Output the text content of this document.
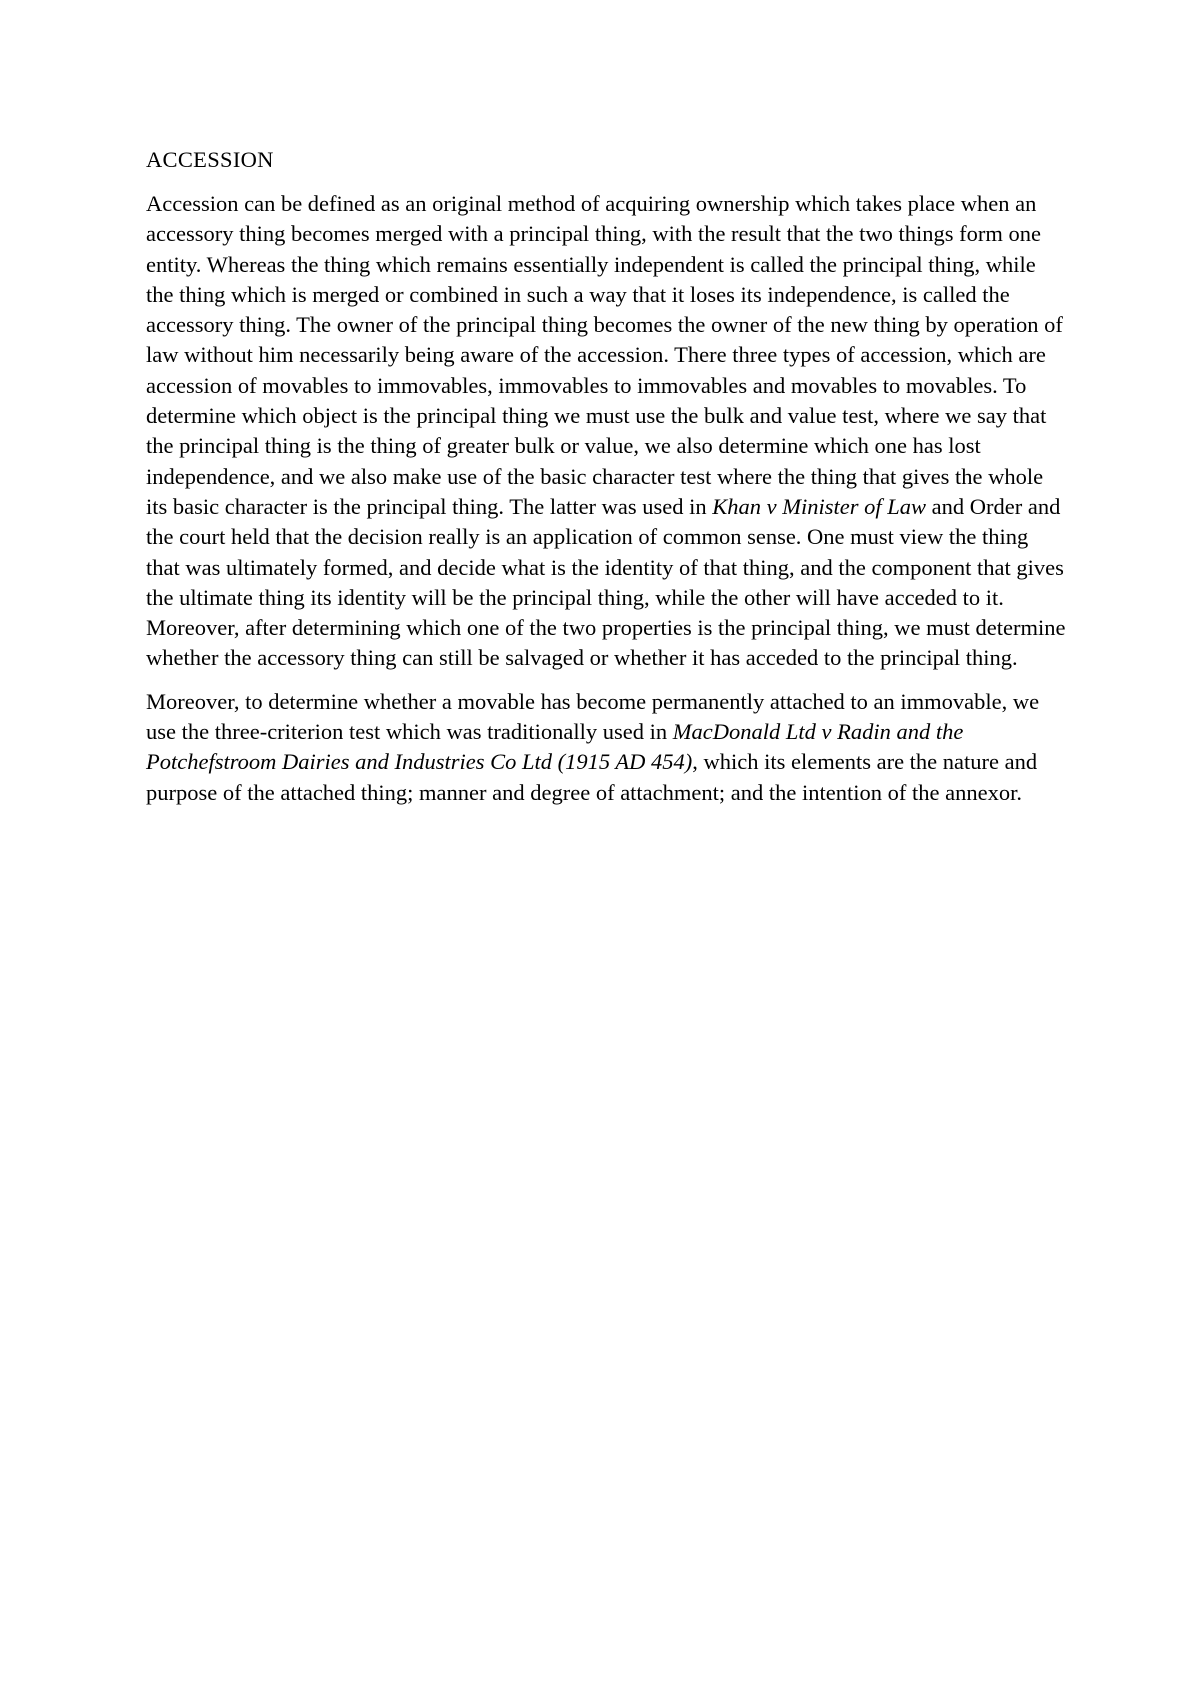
ACCESSION

Accession can be defined as an original method of acquiring ownership which takes place when an accessory thing becomes merged with a principal thing, with the result that the two things form one entity. Whereas the thing which remains essentially independent is called the principal thing, while the thing which is merged or combined in such a way that it loses its independence, is called the accessory thing. The owner of the principal thing becomes the owner of the new thing by operation of law without him necessarily being aware of the accession. There three types of accession, which are accession of movables to immovables, immovables to immovables and movables to movables. To determine which object is the principal thing we must use the bulk and value test, where we say that the principal thing is the thing of greater bulk or value, we also determine which one has lost independence, and we also make use of the basic character test where the thing that gives the whole its basic character is the principal thing. The latter was used in Khan v Minister of Law and Order and the court held that the decision really is an application of common sense. One must view the thing that was ultimately formed, and decide what is the identity of that thing, and the component that gives the ultimate thing its identity will be the principal thing, while the other will have acceded to it. Moreover, after determining which one of the two properties is the principal thing, we must determine whether the accessory thing can still be salvaged or whether it has acceded to the principal thing.

Moreover, to determine whether a movable has become permanently attached to an immovable, we use the three-criterion test which was traditionally used in MacDonald Ltd v Radin and the Potchefstroom Dairies and Industries Co Ltd (1915 AD 454), which its elements are the nature and purpose of the attached thing; manner and degree of attachment; and the intention of the annexor.
